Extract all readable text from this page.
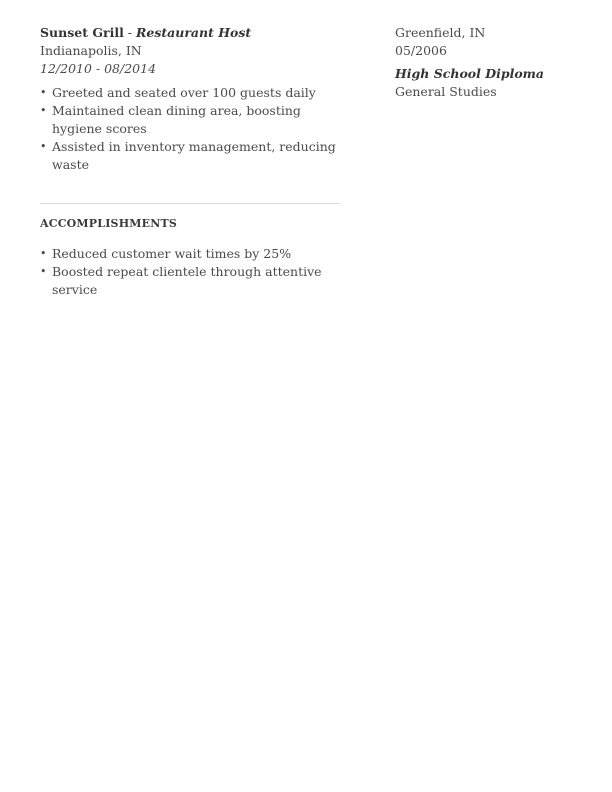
Sunset Grill - Restaurant Host
Indianapolis, IN
12/2010 - 08/2014
• Greeted and seated over 100 guests daily
• Maintained clean dining area, boosting hygiene scores
• Assisted in inventory management, reducing waste
ACCOMPLISHMENTS
• Reduced customer wait times by 25%
• Boosted repeat clientele through attentive service
Greenfield, IN
05/2006
High School Diploma
General Studies
